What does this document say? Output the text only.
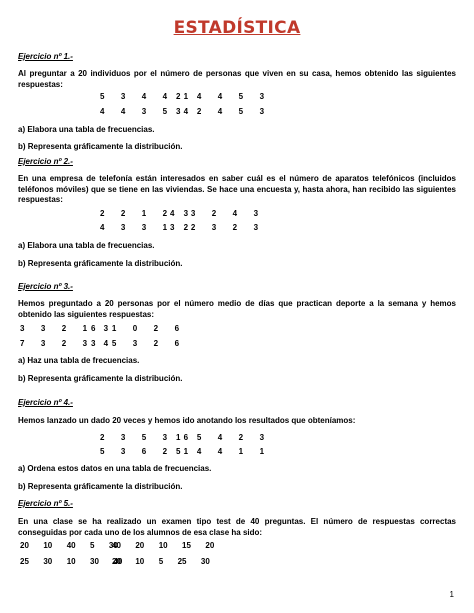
ESTADÍSTICA
Ejercicio nº 1.-
Al preguntar a 20 individuos por el número de personas que viven en su casa, hemos obtenido las siguientes respuestas:
5  3  4  4  1
2  4  4  5  3
4  4  3  5  4
3  2  4  5  3
a) Elabora una tabla de frecuencias.
b) Representa gráficamente la distribución.
Ejercicio nº 2.-
En una empresa de telefonía están interesados en saber cuál es el número de aparatos telefónicos (incluidos teléfonos móviles) que se tiene en las viviendas. Se hace una encuesta y, hasta ahora, han recibido las siguientes respuestas:
2  2  1  2  3
4  3  2  4  3
4  3  3  1  2
3  2  3  2  3
a) Elabora una tabla de frecuencias.
b) Representa gráficamente la distribución.
Ejercicio nº 3.-
Hemos preguntado a 20 personas por el número medio de días que practican deporte a la semana y hemos obtenido las siguientes respuestas:
3  3  2  1  3
6  1  0  2  6
7  3  2  3  4
3  5  3  2  6
a) Haz una tabla de frecuencias.
b) Representa gráficamente la distribución.
Ejercicio nº 4.-
Hemos lanzado un dado 20 veces y hemos ido anotando los resultados que obteníamos:
2  3  5  3  6
1  5  4  2  3
5  3  6  2  1
5  4  4  1  1
a) Ordena estos datos en una tabla de frecuencias.
b) Representa gráficamente la distribución.
Ejercicio nº 5.-
En una clase se ha realizado un examen tipo test de 40 preguntas. El número de respuestas correctas conseguidas por cada uno de los alumnos de esa clase ha sido:
20  10  40  5  30
40  20  10  15  20
25  30  10  30  40
20  10  5  25  30
1
